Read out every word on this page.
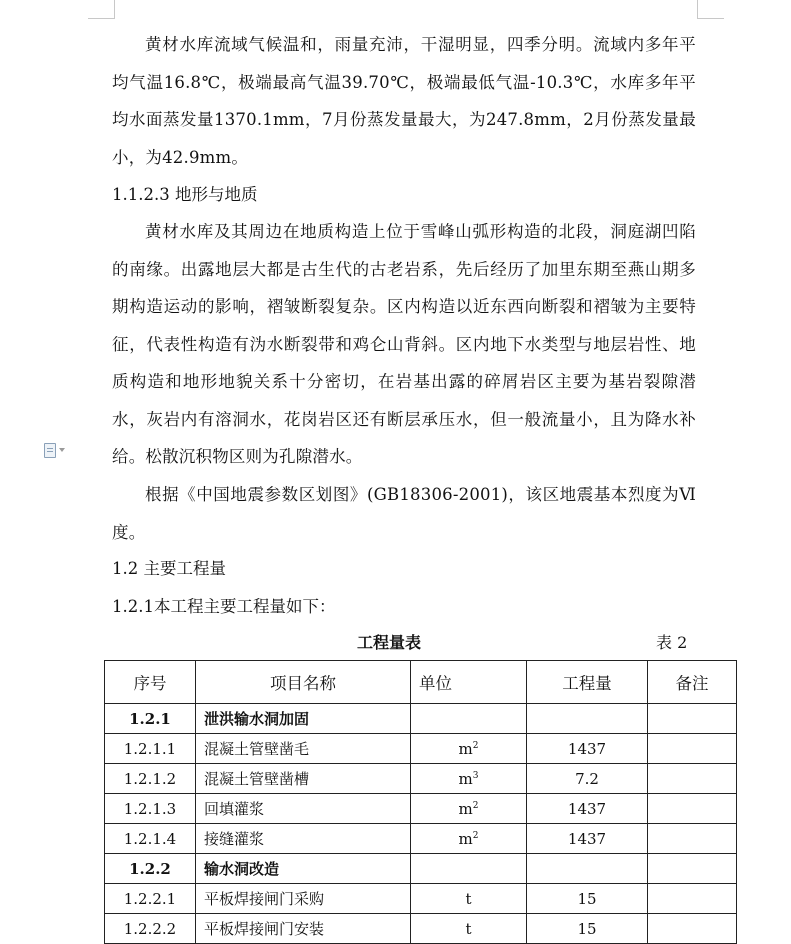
黄材水库流域气候温和，雨量充沛，干湿明显，四季分明。流域内多年平均气温16.8℃，极端最高气温39.70℃，极端最低气温-10.3℃，水库多年平均水面蒸发量1370.1mm，7月份蒸发量最大，为247.8mm，2月份蒸发量最小，为42.9mm。

1.1.2.3 地形与地质

黄材水库及其周边在地质构造上位于雪峰山弧形构造的北段，洞庭湖凹陷的南缘。出露地层大都是古生代的古老岩系，先后经历了加里东期至燕山期多期构造运动的影响，褶皱断裂复杂。区内构造以近东西向断裂和褶皱为主要特征，代表性构造有沩水断裂带和鸡仑山背斜。区内地下水类型与地层岩性、地质构造和地形地貌关系十分密切，在岩基出露的碎屑岩区主要为基岩裂隙潜水，灰岩内有溶洞水，花岗岩区还有断层承压水，但一般流量小，且为降水补给。松散沉积物区则为孔隙潜水。

根据《中国地震参数区划图》(GB18306-2001)，该区地震基本烈度为Ⅵ度。

1.2 主要工程量

1.2.1本工程主要工程量如下：

工程量表	表 2
序号	项目名称	单位	工程量	备注
1.2.1	泄洪输水洞加固			
1.2.1.1	混凝土管壁凿毛	$m^2$	1437	
1.2.1.2	混凝土管壁凿槽	$m^3$	7.2	
1.2.1.3	回填灌浆	$m^2$	1437	
1.2.1.4	接缝灌浆	$m^2$	1437	
1.2.2	输水洞改造			
1.2.2.1	平板焊接闸门采购	t	15	
1.2.2.2	平板焊接闸门安装	t	15	
